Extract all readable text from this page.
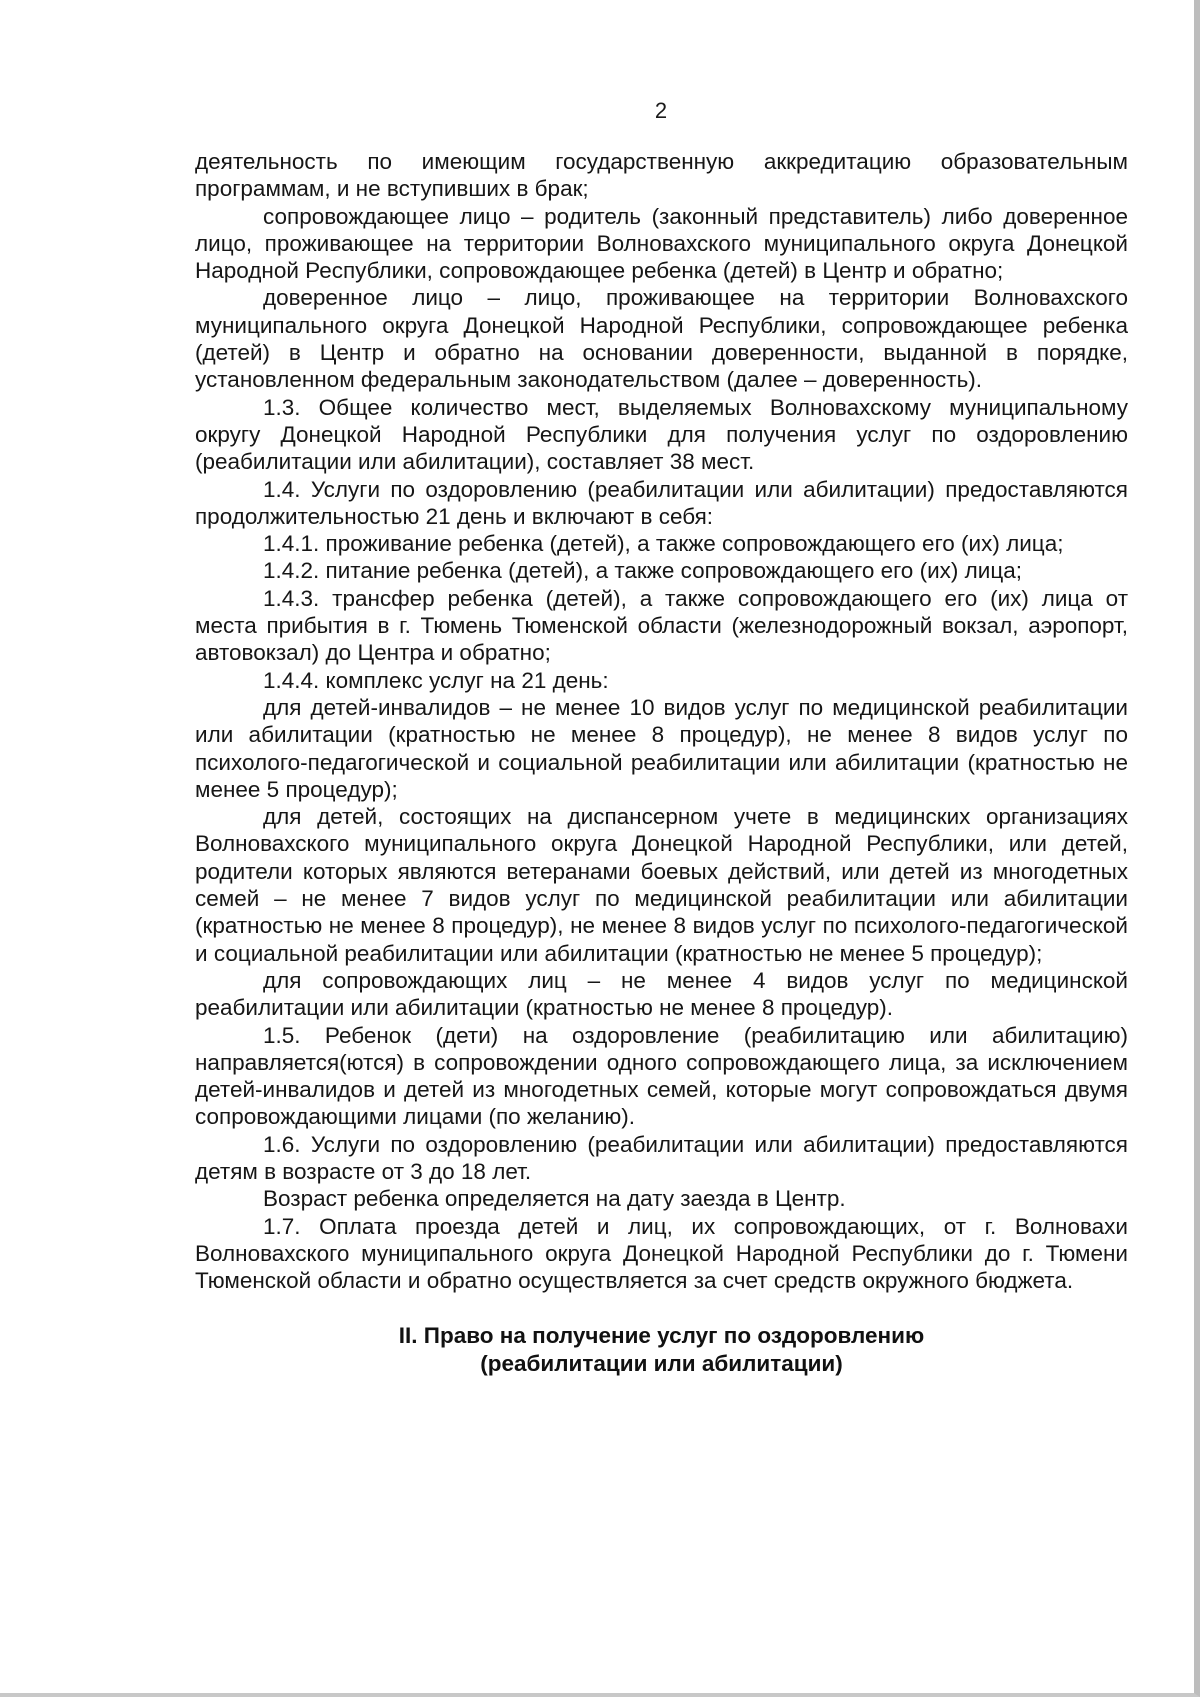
2

деятельность по имеющим государственную аккредитацию образовательным программам, и не вступивших в брак;

сопровождающее лицо – родитель (законный представитель) либо доверенное лицо, проживающее на территории Волновахского муниципального округа Донецкой Народной Республики, сопровождающее ребенка (детей) в Центр и обратно;

доверенное лицо – лицо, проживающее на территории Волновахского муниципального округа Донецкой Народной Республики, сопровождающее ребенка (детей) в Центр и обратно на основании доверенности, выданной в порядке, установленном федеральным законодательством (далее – доверенность).

1.3. Общее количество мест, выделяемых Волновахскому муниципальному округу Донецкой Народной Республики для получения услуг по оздоровлению (реабилитации или абилитации), составляет 38 мест.

1.4. Услуги по оздоровлению (реабилитации или абилитации) предоставляются продолжительностью 21 день и включают в себя:

1.4.1. проживание ребенка (детей), а также сопровождающего его (их) лица;

1.4.2. питание ребенка (детей), а также сопровождающего его (их) лица;

1.4.3. трансфер ребенка (детей), а также сопровождающего его (их) лица от места прибытия в г. Тюмень Тюменской области (железнодорожный вокзал, аэропорт, автовокзал) до Центра и обратно;

1.4.4. комплекс услуг на 21 день:

для детей-инвалидов – не менее 10 видов услуг по медицинской реабилитации или абилитации (кратностью не менее 8 процедур), не менее 8 видов услуг по психолого-педагогической и социальной реабилитации или абилитации (кратностью не менее 5 процедур);

для детей, состоящих на диспансерном учете в медицинских организациях Волновахского муниципального округа Донецкой Народной Республики, или детей, родители которых являются ветеранами боевых действий, или детей из многодетных семей – не менее 7 видов услуг по медицинской реабилитации или абилитации (кратностью не менее 8 процедур), не менее 8 видов услуг по психолого-педагогической и социальной реабилитации или абилитации (кратностью не менее 5 процедур);

для сопровождающих лиц – не менее 4 видов услуг по медицинской реабилитации или абилитации (кратностью не менее 8 процедур).

1.5. Ребенок (дети) на оздоровление (реабилитацию или абилитацию) направляется(ются) в сопровождении одного сопровождающего лица, за исключением детей-инвалидов и детей из многодетных семей, которые могут сопровождаться двумя сопровождающими лицами (по желанию).

1.6. Услуги по оздоровлению (реабилитации или абилитации) предоставляются детям в возрасте от 3 до 18 лет.

Возраст ребенка определяется на дату заезда в Центр.

1.7. Оплата проезда детей и лиц, их сопровождающих, от г. Волновахи Волновахского муниципального округа Донецкой Народной Республики до г. Тюмени Тюменской области и обратно осуществляется за счет средств окружного бюджета.

II. Право на получение услуг по оздоровлению
(реабилитации или абилитации)
